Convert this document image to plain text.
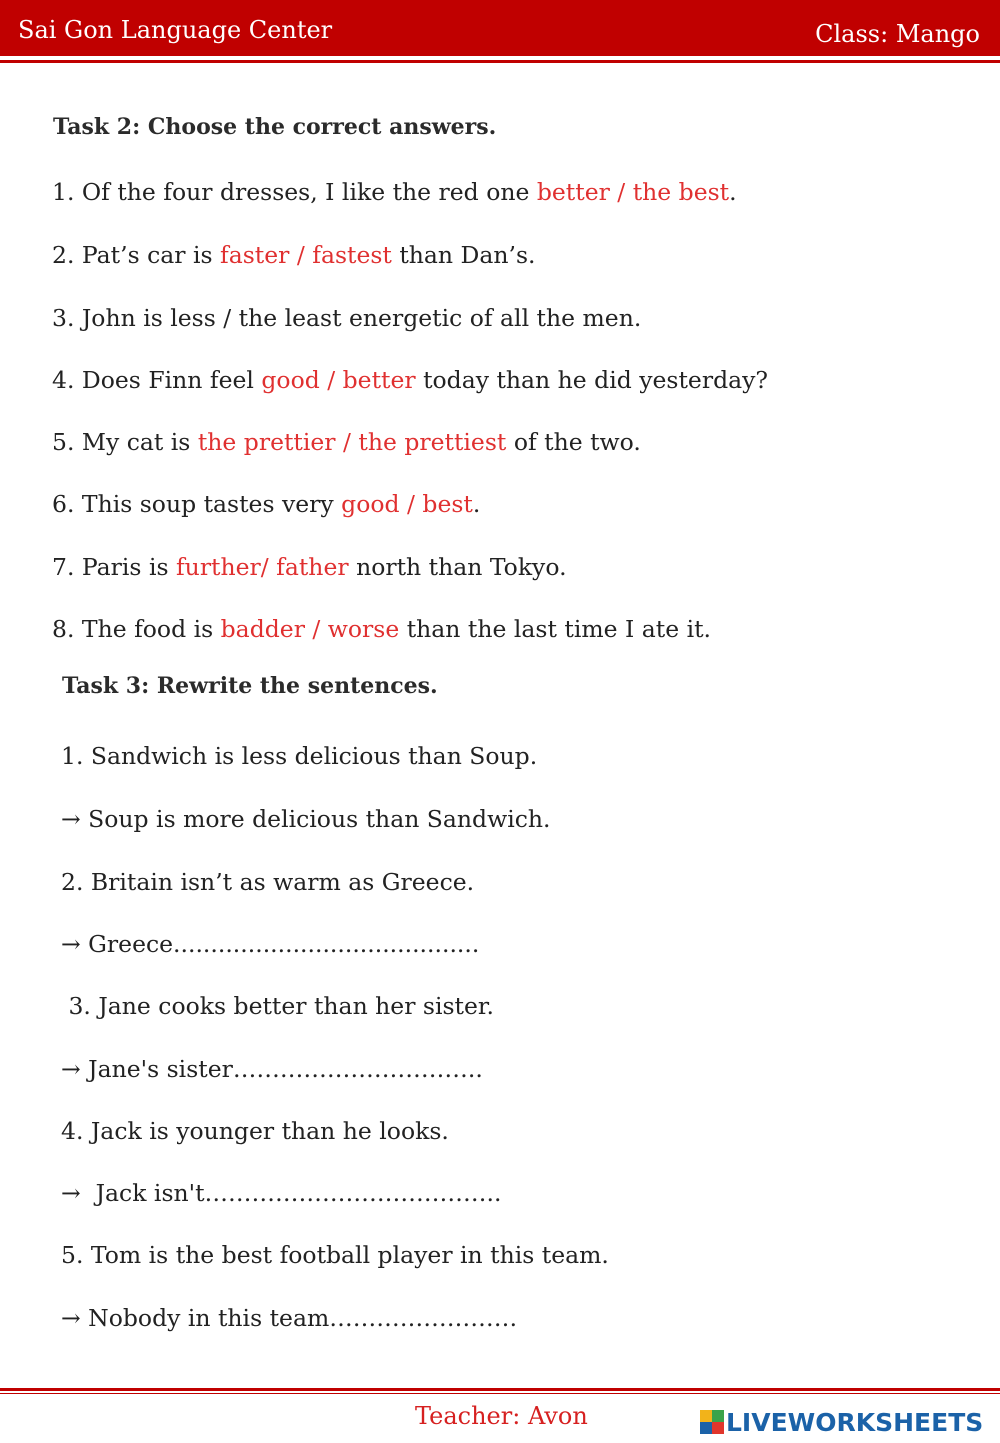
Sai Gon Language Center	Class: Mango
Task 2: Choose the correct answers.
1. Of the four dresses, I like the red one better / the best.
2. Pat’s car is faster / fastest than Dan’s.
3. John is less / the least energetic of all the men.
4. Does Finn feel good / better today than he did yesterday?
5. My cat is the prettier / the prettiest of the two.
6. This soup tastes very good / best.
7. Paris is further/ father north than Tokyo.
8. The food is badder / worse than the last time I ate it.
Task 3: Rewrite the sentences.
1. Sandwich is less delicious than Soup.
→ Soup is more delicious than Sandwich.
2. Britain isn’t as warm as Greece.
→ Greece.........................................
3. Jane cooks better than her sister.
→ Jane's sister…………………………..
4. Jack is younger than he looks.
→  Jack isn't………………………………..
5. Tom is the best football player in this team.
→ Nobody in this team……………………
Teacher: Avon	LIVEWORKSHEETS
